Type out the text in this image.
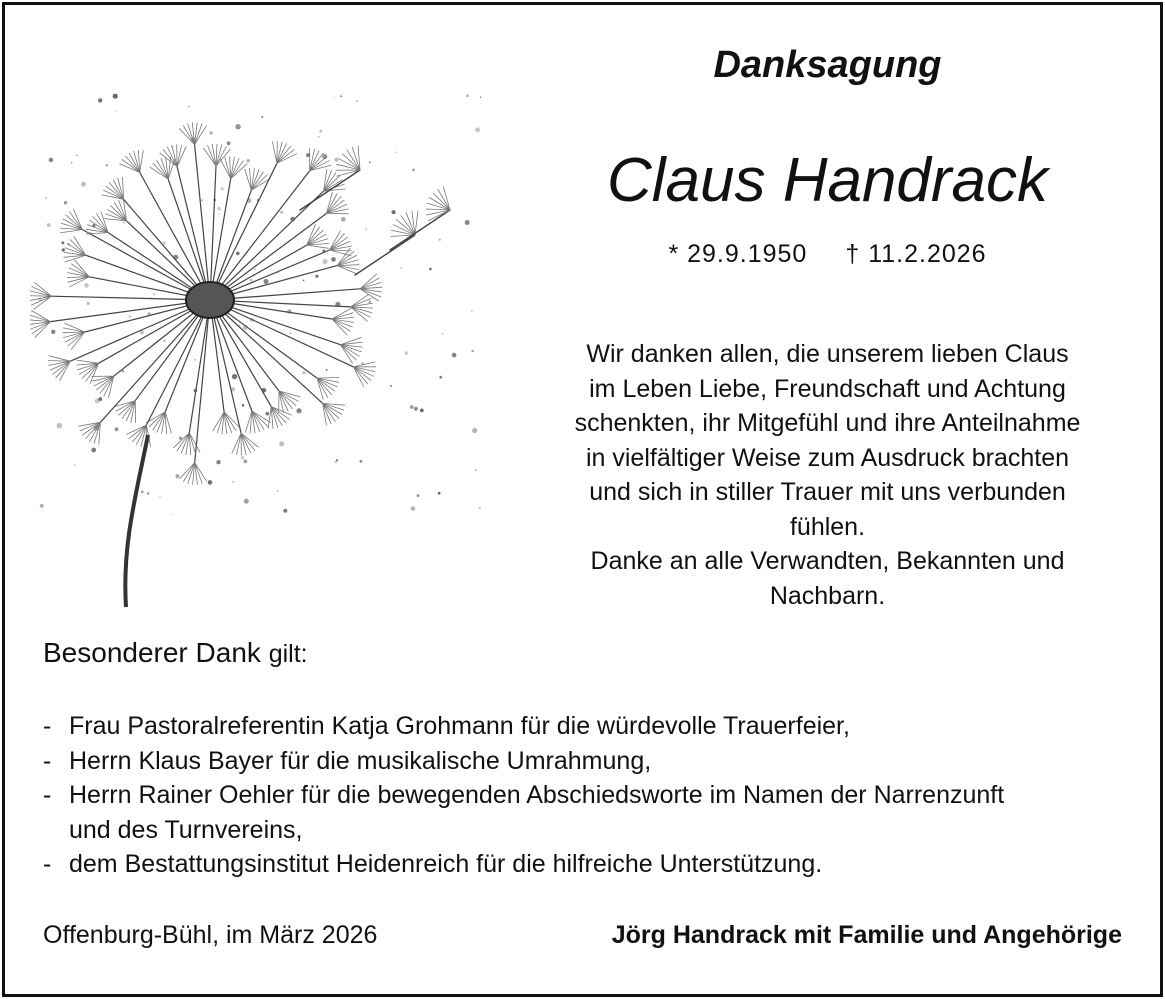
Danksagung
Claus Handrack
* 29.9.1950 † 11.2.2026
Wir danken allen, die unserem lieben Claus
im Leben Liebe, Freundschaft und Achtung
schenkten, ihr Mitgefühl und ihre Anteilnahme
in vielfältiger Weise zum Ausdruck brachten
und sich in stiller Trauer mit uns verbunden
fühlen.
Danke an alle Verwandten, Bekannten und
Nachbarn.
Besonderer Dank gilt:
- Frau Pastoralreferentin Katja Grohmann für die würdevolle Trauerfeier,
- Herrn Klaus Bayer für die musikalische Umrahmung,
- Herrn Rainer Oehler für die bewegenden Abschiedsworte im Namen der Narrenzunft
und des Turnvereins,
- dem Bestattungsinstitut Heidenreich für die hilfreiche Unterstützung.
Offenburg-Bühl, im März 2026	Jörg Handrack mit Familie und Angehörige
